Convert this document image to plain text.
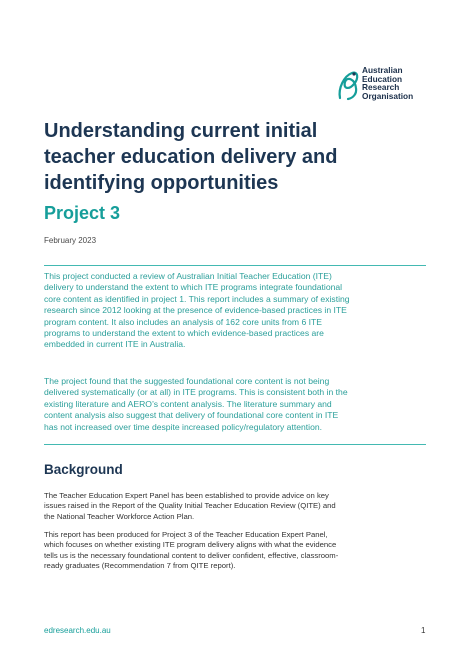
Australian
Education
Research
Organisation
Understanding current initial
teacher education delivery and
identifying opportunities
Project 3
February 2023

This project conducted a review of Australian Initial Teacher Education (ITE)
delivery to understand the extent to which ITE programs integrate foundational
core content as identified in project 1. This report includes a summary of existing
research since 2012 looking at the presence of evidence-based practices in ITE
program content. It also includes an analysis of 162 core units from 6 ITE
programs to understand the extent to which evidence-based practices are
embedded in current ITE in Australia.

The project found that the suggested foundational core content is not being
delivered systematically (or at all) in ITE programs. This is consistent both in the
existing literature and AERO’s content analysis. The literature summary and
content analysis also suggest that delivery of foundational core content in ITE
has not increased over time despite increased policy/regulatory attention.

Background

The Teacher Education Expert Panel has been established to provide advice on key
issues raised in the Report of the Quality Initial Teacher Education Review (QITE) and
the National Teacher Workforce Action Plan.

This report has been produced for Project 3 of the Teacher Education Expert Panel,
which focuses on whether existing ITE program delivery aligns with what the evidence
tells us is the necessary foundational content to deliver confident, effective, classroom-
ready graduates (Recommendation 7 from QITE report).

edresearch.edu.au	1
